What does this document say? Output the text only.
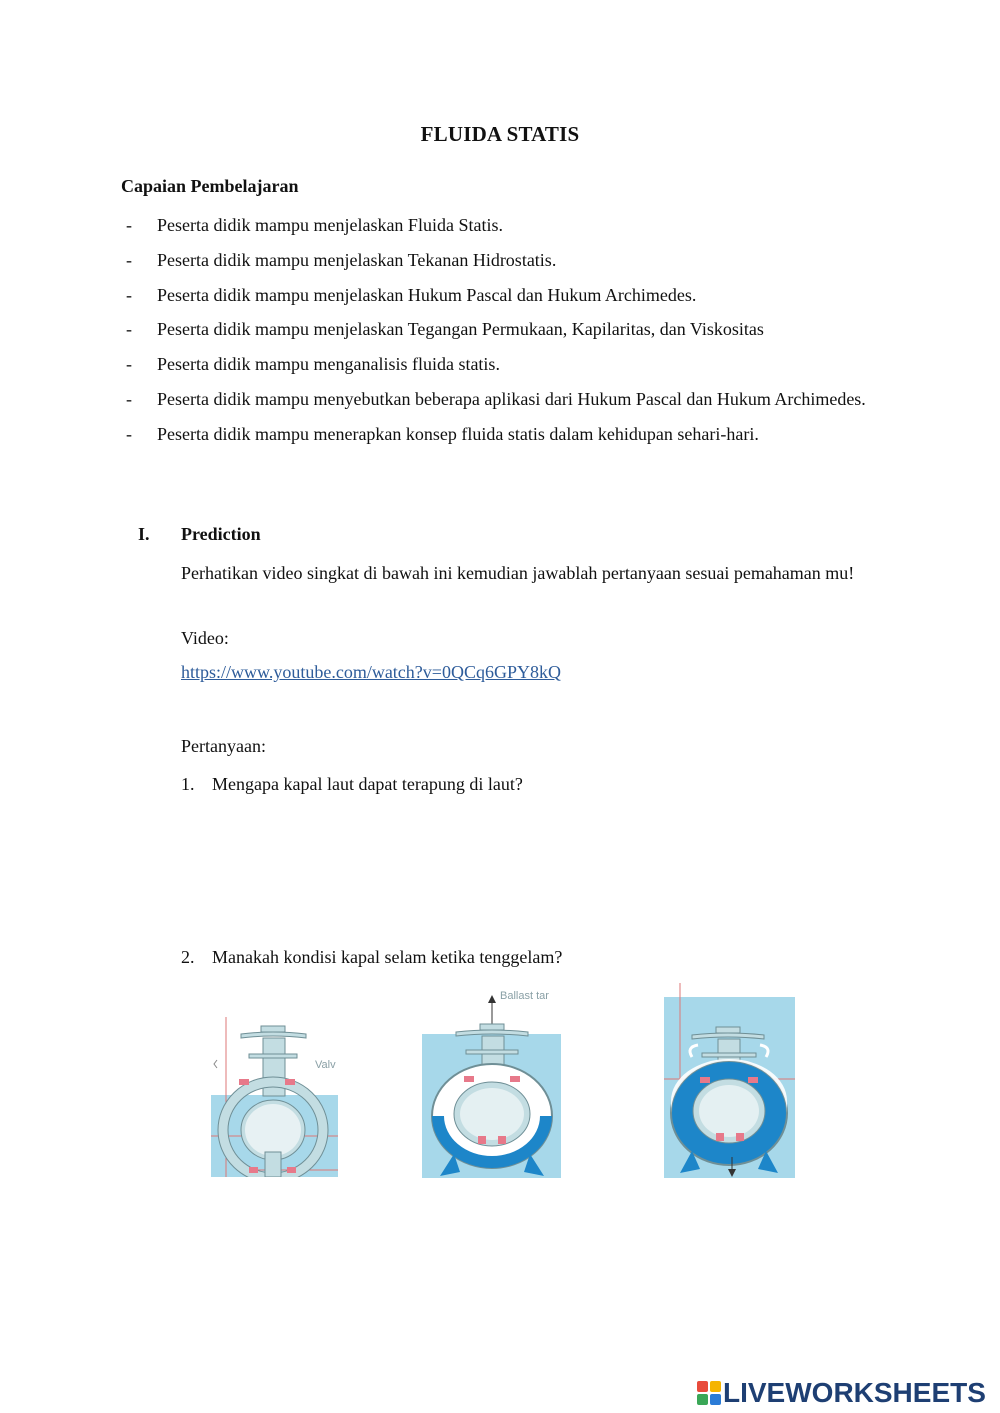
FLUIDA STATIS
Capaian Pembelajaran
- Peserta didik mampu menjelaskan Fluida Statis.
- Peserta didik mampu menjelaskan Tekanan Hidrostatis.
- Peserta didik mampu menjelaskan Hukum Pascal dan Hukum Archimedes.
- Peserta didik mampu menjelaskan Tegangan Permukaan, Kapilaritas, dan Viskositas
- Peserta didik mampu menganalisis fluida statis.
- Peserta didik mampu menyebutkan beberapa aplikasi dari Hukum Pascal dan Hukum Archimedes.
- Peserta didik mampu menerapkan konsep fluida statis dalam kehidupan sehari-hari.
I. Prediction

Perhatikan video singkat di bawah ini kemudian jawablah pertanyaan sesuai pemahaman mu!

Video:
https://www.youtube.com/watch?v=0QCq6GPY8kQ
Pertanyaan:
1. Mengapa kapal laut dapat terapung di laut?
2. Manakah kondisi kapal selam ketika tenggelam?
Valv
Ballast tar
LIVEWORKSHEETS
